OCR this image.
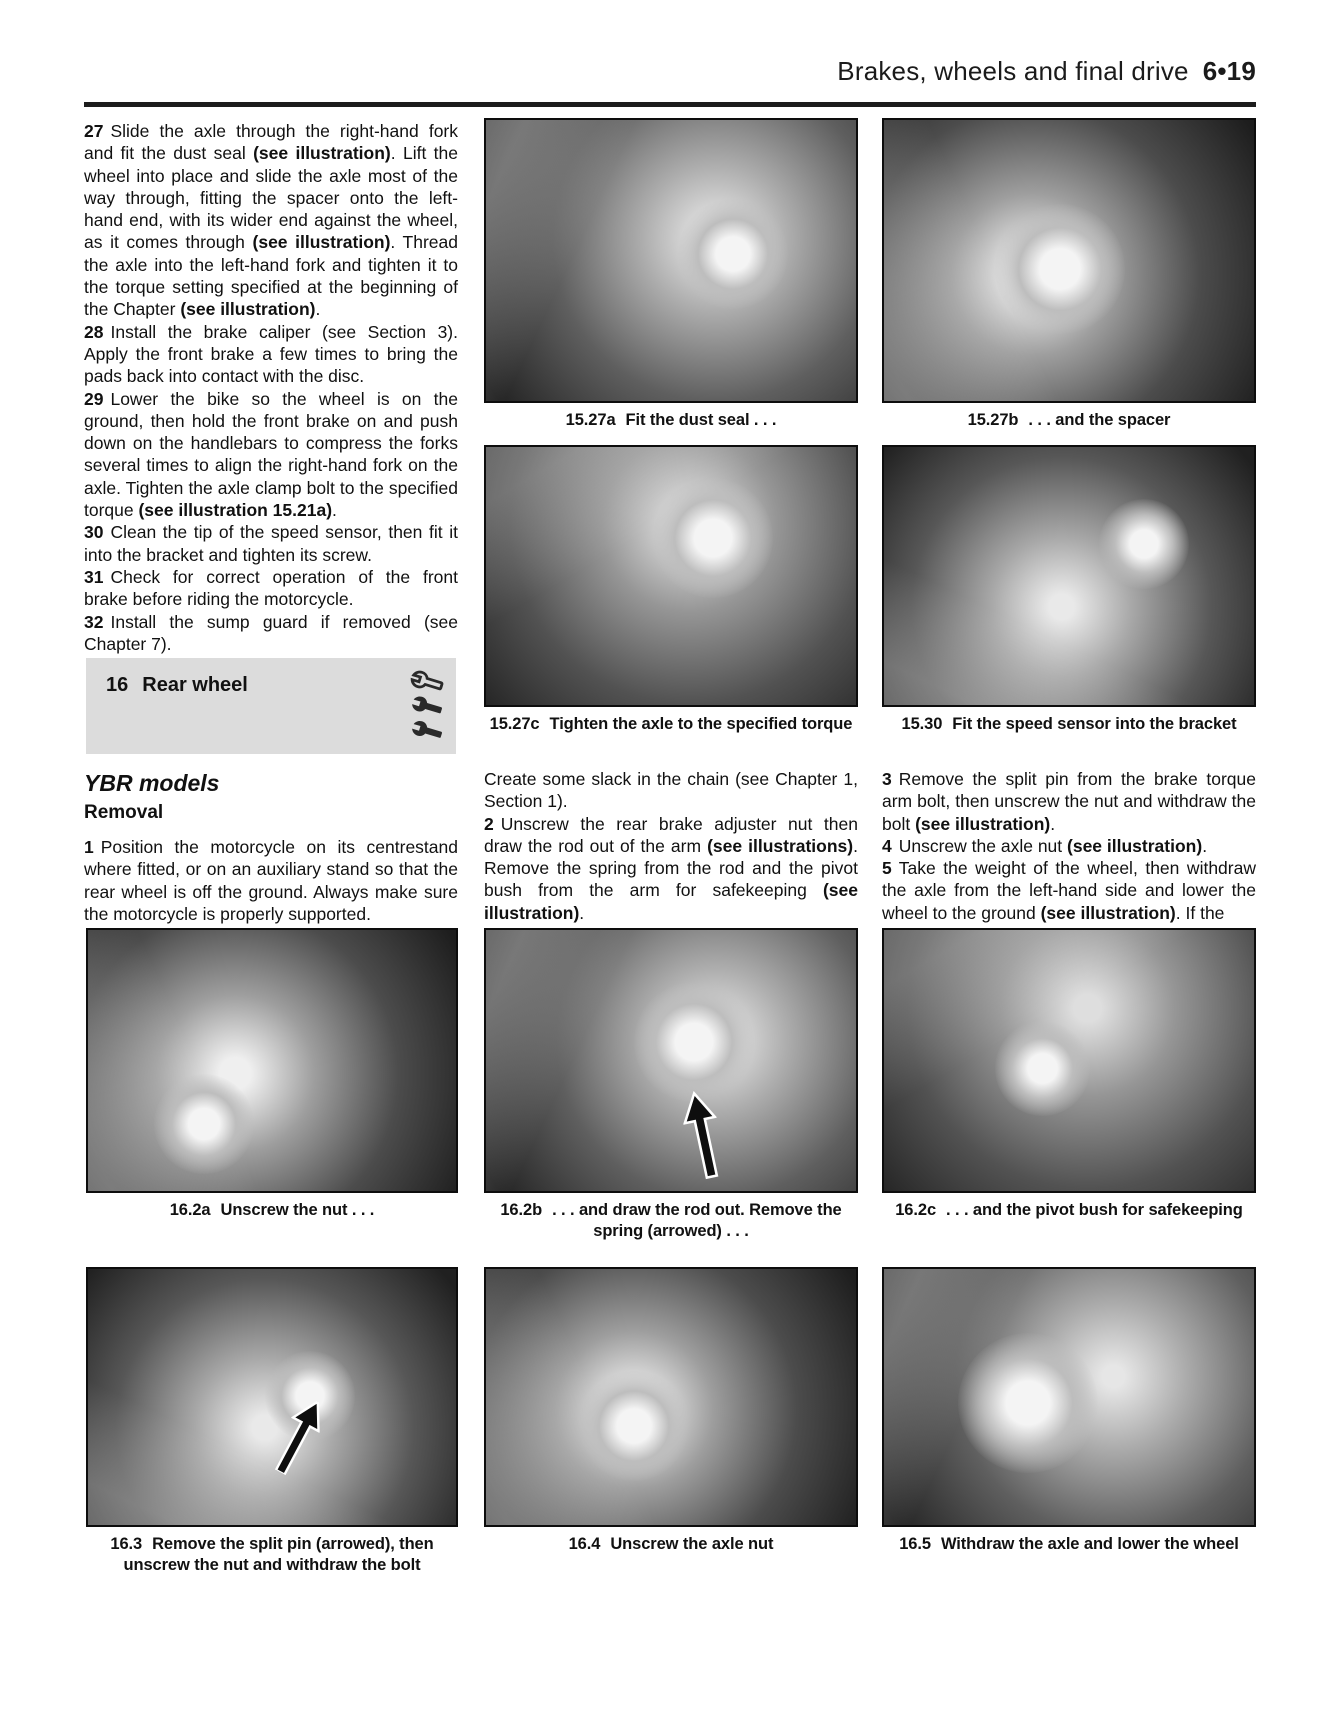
Brakes, wheels and final drive 6•19

27 Slide the axle through the right-hand fork and fit the dust seal (see illustration). Lift the wheel into place and slide the axle most of the way through, fitting the spacer onto the left-hand end, with its wider end against the wheel, as it comes through (see illustration). Thread the axle into the left-hand fork and tighten it to the torque setting specified at the beginning of the Chapter (see illustration).

28 Install the brake caliper (see Section 3). Apply the front brake a few times to bring the pads back into contact with the disc.

29 Lower the bike so the wheel is on the ground, then hold the front brake on and push down on the handlebars to compress the forks several times to align the right-hand fork on the axle. Tighten the axle clamp bolt to the specified torque (see illustration 15.21a).

30 Clean the tip of the speed sensor, then fit it into the bracket and tighten its screw.

31 Check for correct operation of the front brake before riding the motorcycle.

32 Install the sump guard if removed (see Chapter 7).

16 Rear wheel
YBR models
Removal

1 Position the motorcycle on its centrestand where fitted, or on an auxiliary stand so that the rear wheel is off the ground. Always make sure the motorcycle is properly supported.

Create some slack in the chain (see Chapter 1, Section 1).

2 Unscrew the rear brake adjuster nut then draw the rod out of the arm (see illustrations). Remove the spring from the rod and the pivot bush from the arm for safekeeping (see illustration).

3 Remove the split pin from the brake torque arm bolt, then unscrew the nut and withdraw the bolt (see illustration).

4 Unscrew the axle nut (see illustration).

5 Take the weight of the wheel, then withdraw the axle from the left-hand side and lower the wheel to the ground (see illustration). If the

15.27a Fit the dust seal . . .	15.27b . . . and the spacer
15.27c Tighten the axle to the specified torque	15.30 Fit the speed sensor into the bracket
16.2a Unscrew the nut . . .	16.2b . . . and draw the rod out. Remove the spring (arrowed) . . .
16.2c . . . and the pivot bush for safekeeping
16.3 Remove the split pin (arrowed), then unscrew the nut and withdraw the bolt
16.4 Unscrew the axle nut	16.5 Withdraw the axle and lower the wheel
